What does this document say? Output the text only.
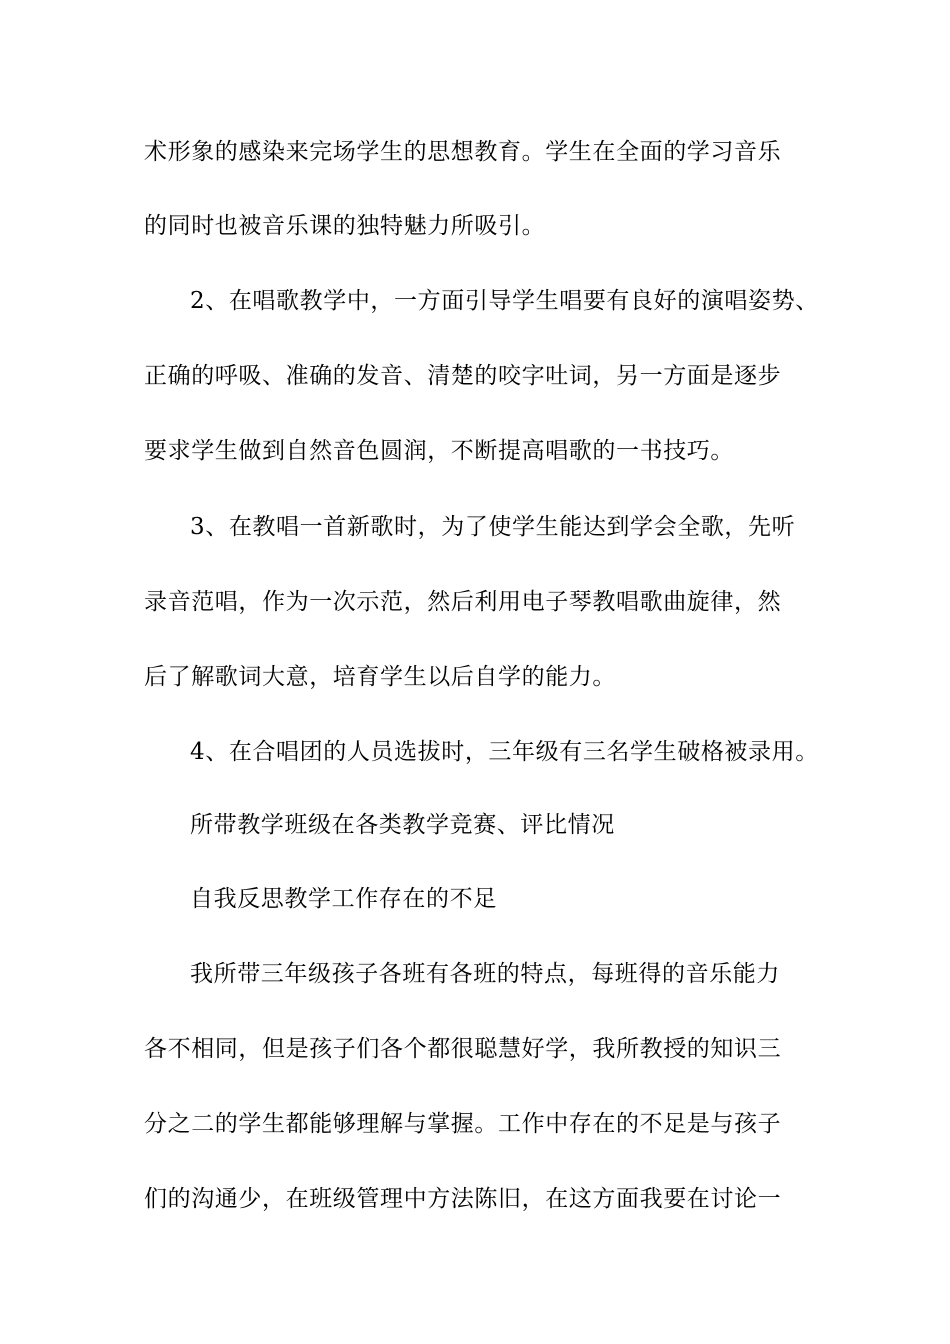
术形象的感染来完场学生的思想教育。学生在全面的学习音乐
的同时也被音乐课的独特魅力所吸引。
2、在唱歌教学中，一方面引导学生唱要有良好的演唱姿势、
正确的呼吸、准确的发音、清楚的咬字吐词，另一方面是逐步
要求学生做到自然音色圆润，不断提高唱歌的一书技巧。
3、在教唱一首新歌时，为了使学生能达到学会全歌，先听
录音范唱，作为一次示范，然后利用电子琴教唱歌曲旋律，然
后了解歌词大意，培育学生以后自学的能力。
4、在合唱团的人员选拔时，三年级有三名学生破格被录用。
所带教学班级在各类教学竞赛、评比情况
自我反思教学工作存在的不足
我所带三年级孩子各班有各班的特点，每班得的音乐能力
各不相同，但是孩子们各个都很聪慧好学，我所教授的知识三
分之二的学生都能够理解与掌握。工作中存在的不足是与孩子
们的沟通少，在班级管理中方法陈旧，在这方面我要在讨论一
